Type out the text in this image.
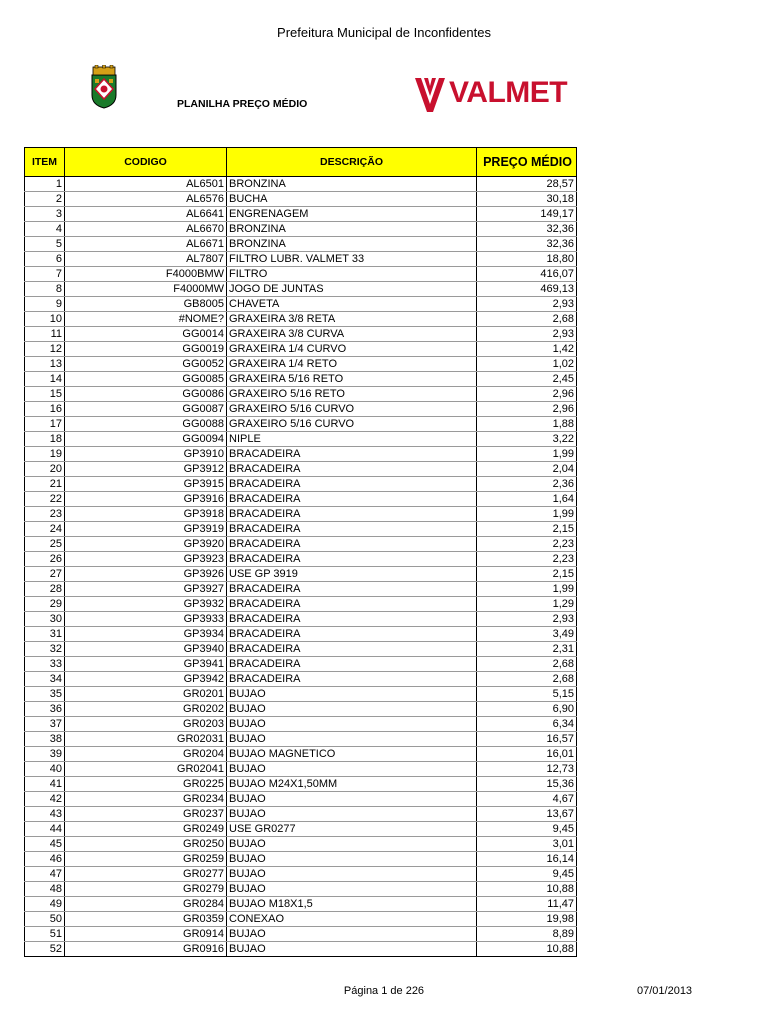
Prefeitura Municipal de Inconfidentes
PLANILHA PREÇO MÉDIO	VALMET
ITEM	CODIGO	DESCRIÇÃO	PREÇO MÉDIO
1	AL6501	BRONZINA	28,57
2	AL6576	BUCHA	30,18
3	AL6641	ENGRENAGEM	149,17
4	AL6670	BRONZINA	32,36
5	AL6671	BRONZINA	32,36
6	AL7807	FILTRO LUBR. VALMET 33	18,80
7	F4000BMW	FILTRO	416,07
8	F4000MW	JOGO DE JUNTAS	469,13
9	GB8005	CHAVETA	2,93
10	#NOME?	GRAXEIRA 3/8 RETA	2,68
11	GG0014	GRAXEIRA 3/8 CURVA	2,93
12	GG0019	GRAXEIRA 1/4 CURVO	1,42
13	GG0052	GRAXEIRA 1/4 RETO	1,02
14	GG0085	GRAXEIRA 5/16 RETO	2,45
15	GG0086	GRAXEIRO 5/16 RETO	2,96
16	GG0087	GRAXEIRO 5/16 CURVO	2,96
17	GG0088	GRAXEIRO 5/16 CURVO	1,88
18	GG0094	NIPLE	3,22
19	GP3910	BRACADEIRA	1,99
20	GP3912	BRACADEIRA	2,04
21	GP3915	BRACADEIRA	2,36
22	GP3916	BRACADEIRA	1,64
23	GP3918	BRACADEIRA	1,99
24	GP3919	BRACADEIRA	2,15
25	GP3920	BRACADEIRA	2,23
26	GP3923	BRACADEIRA	2,23
27	GP3926	USE GP 3919	2,15
28	GP3927	BRACADEIRA	1,99
29	GP3932	BRACADEIRA	1,29
30	GP3933	BRACADEIRA	2,93
31	GP3934	BRACADEIRA	3,49
32	GP3940	BRACADEIRA	2,31
33	GP3941	BRACADEIRA	2,68
34	GP3942	BRACADEIRA	2,68
35	GR0201	BUJAO	5,15
36	GR0202	BUJAO	6,90
37	GR0203	BUJAO	6,34
38	GR02031	BUJAO	16,57
39	GR0204	BUJAO MAGNETICO	16,01
40	GR02041	BUJAO	12,73
41	GR0225	BUJAO M24X1,50MM	15,36
42	GR0234	BUJAO	4,67
43	GR0237	BUJAO	13,67
44	GR0249	USE GR0277	9,45
45	GR0250	BUJAO	3,01
46	GR0259	BUJAO	16,14
47	GR0277	BUJAO	9,45
48	GR0279	BUJAO	10,88
49	GR0284	BUJAO M18X1,5	11,47
50	GR0359	CONEXAO	19,98
51	GR0914	BUJAO	8,89
52	GR0916	BUJAO	10,88
Página 1 de 226	07/01/2013
